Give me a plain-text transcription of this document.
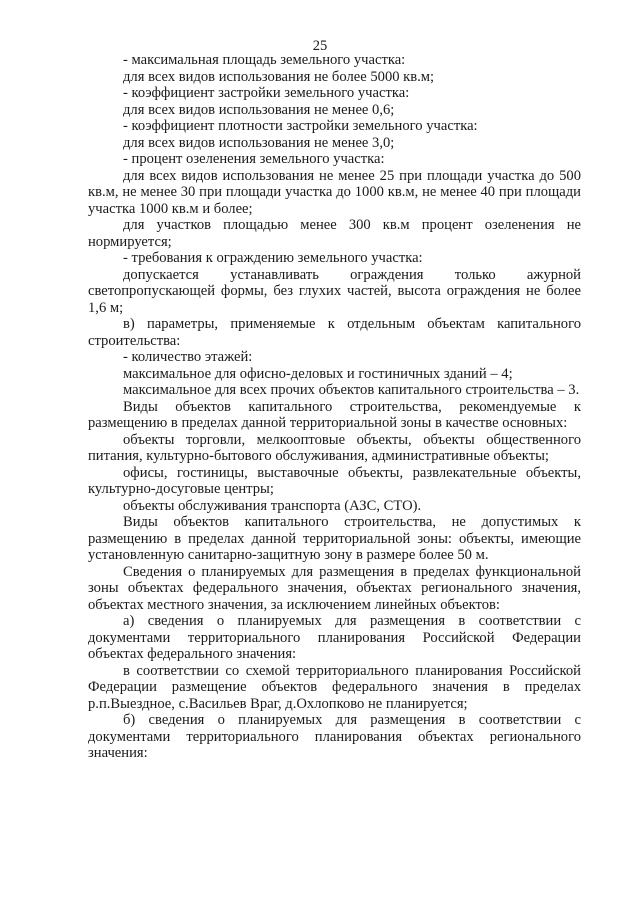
25

- максимальная площадь земельного участка:

для всех видов использования не более 5000 кв.м;

- коэффициент застройки земельного участка:

для всех видов использования не менее 0,6;

- коэффициент плотности застройки земельного участка:

для всех видов использования не менее 3,0;

- процент озеленения земельного участка:

для всех видов использования не менее 25 при площади участка до 500 кв.м, не менее 30 при площади участка до 1000 кв.м, не менее 40 при площади участка 1000 кв.м и более;

для участков площадью менее 300 кв.м процент озеленения не нормируется;

- требования к ограждению земельного участка:

допускается устанавливать ограждения только ажурной светопропускающей формы, без глухих частей, высота ограждения не более 1,6 м;

в) параметры, применяемые к отдельным объектам капитального строительства:

- количество этажей:

максимальное для офисно-деловых и гостиничных зданий – 4;

максимальное для всех прочих объектов капитального строительства – 3.

Виды объектов капитального строительства, рекомендуемые к размещению в пределах данной территориальной зоны в качестве основных:

объекты торговли, мелкооптовые объекты, объекты общественного питания, культурно-бытового обслуживания, административные объекты;

офисы, гостиницы, выставочные объекты, развлекательные объекты, культурно-досуговые центры;

объекты обслуживания транспорта (АЗС, СТО).

Виды объектов капитального строительства, не допустимых к размещению в пределах данной территориальной зоны: объекты, имеющие установленную санитарно-защитную зону в размере более 50 м.

Сведения о планируемых для размещения в пределах функциональной зоны объектах федерального значения, объектах регионального значения, объектах местного значения, за исключением линейных объектов:

а) сведения о планируемых для размещения в соответствии с документами территориального планирования Российской Федерации объектах федерального значения:

в соответствии со схемой территориального планирования Российской Федерации размещение объектов федерального значения в пределах р.п.Выездное, с.Васильев Враг, д.Охлопково не планируется;

б) сведения о планируемых для размещения в соответствии с документами территориального планирования объектах регионального значения:
